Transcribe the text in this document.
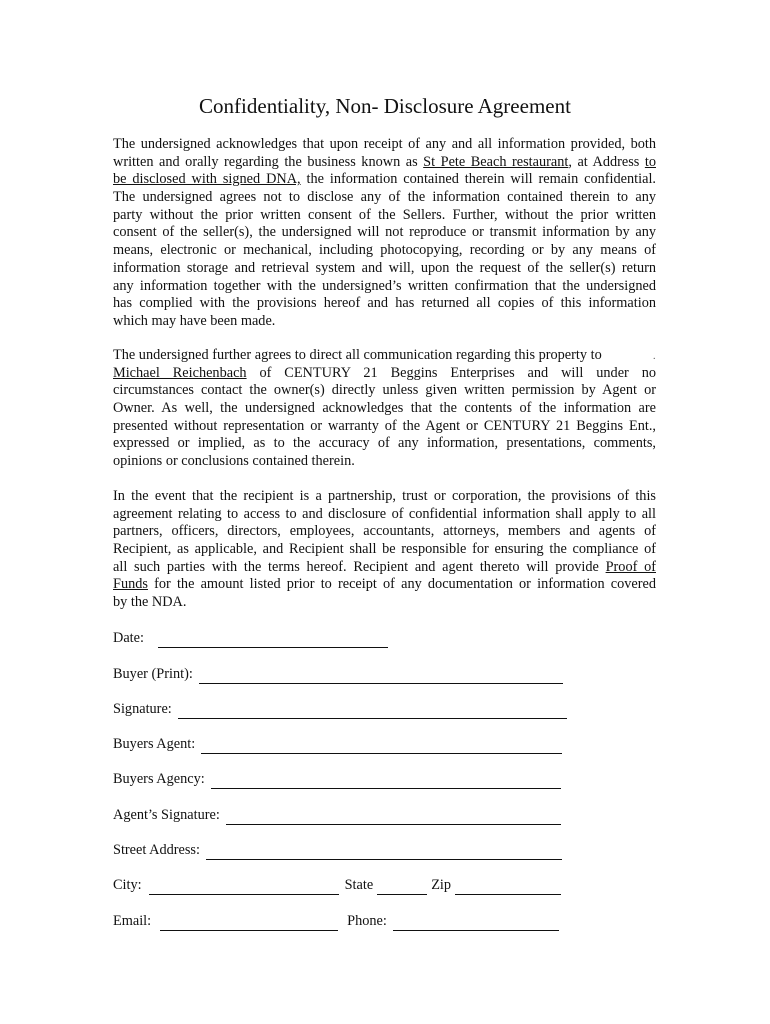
Confidentiality, Non- Disclosure Agreement
The undersigned acknowledges that upon receipt of any and all information provided, both
written and orally regarding the business known as St Pete Beach restaurant, at Address to
be disclosed with signed DNA, the information contained therein will remain confidential.
The undersigned agrees not to disclose any of the information contained therein to any
party without the prior written consent of the Sellers. Further, without the prior written
consent of the seller(s), the undersigned will not reproduce or transmit information by any
means, electronic or mechanical, including photocopying, recording or by any means of
information storage and retrieval system and will, upon the request of the seller(s) return
any information together with the undersigned’s written confirmation that the undersigned
has complied with the provisions hereof and has returned all copies of this information
which may have been made.
.
The undersigned further agrees to direct all communication regarding this property to
Michael Reichenbach of CENTURY 21 Beggins Enterprises and will under no
circumstances contact the owner(s) directly unless given written permission by Agent or
Owner. As well, the undersigned acknowledges that the contents of the information are
presented without representation or warranty of the Agent or CENTURY 21 Beggins Ent.,
expressed or implied, as to the accuracy of any information, presentations, comments,
opinions or conclusions contained therein.
In the event that the recipient is a partnership, trust or corporation, the provisions of this
agreement relating to access to and disclosure of confidential information shall apply to all
partners, officers, directors, employees, accountants, attorneys, members and agents of
Recipient, as applicable, and Recipient shall be responsible for ensuring the compliance of
all such parties with the terms hereof. Recipient and agent thereto will provide Proof of
Funds for the amount listed prior to receipt of any documentation or information covered
by the NDA.
Date:
Buyer (Print):
Signature:
Buyers Agent:
Buyers Agency:
Agent’s Signature:
Street Address:
City:	State	Zip
Email:	Phone:
